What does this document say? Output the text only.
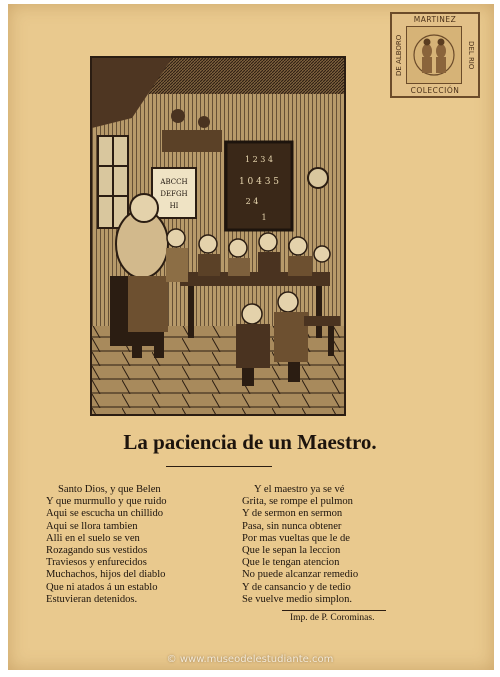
MARTINEZ
DE ALBORO	DEL RIO
COLECCIÓN
ABCCH
DEFGH
HI
1 2 3 4
1 0 4 3 5
2 4
1
La paciencia de un Maestro.
Santo Dios, y que Belen
Y que murmullo y que ruido
Aqui se escucha un chillido
Aqui se llora tambien
Alli en el suelo se ven
Rozagando sus vestidos
Traviesos y enfurecidos
Muchachos, hijos del diablo
Que ni atados á un establo
Estuvieran detenidos.
Y el maestro ya se vé
Grita, se rompe el pulmon
Y de sermon en sermon
Pasa, sin nunca obtener
Por mas vueltas que le de
Que le sepan la leccion
Que le tengan atencion
No puede alcanzar remedio
Y de cansancio y de tedio
Se vuelve medio simplon.
Imp. de P. Corominas.
© www.museodelestudiante.com
